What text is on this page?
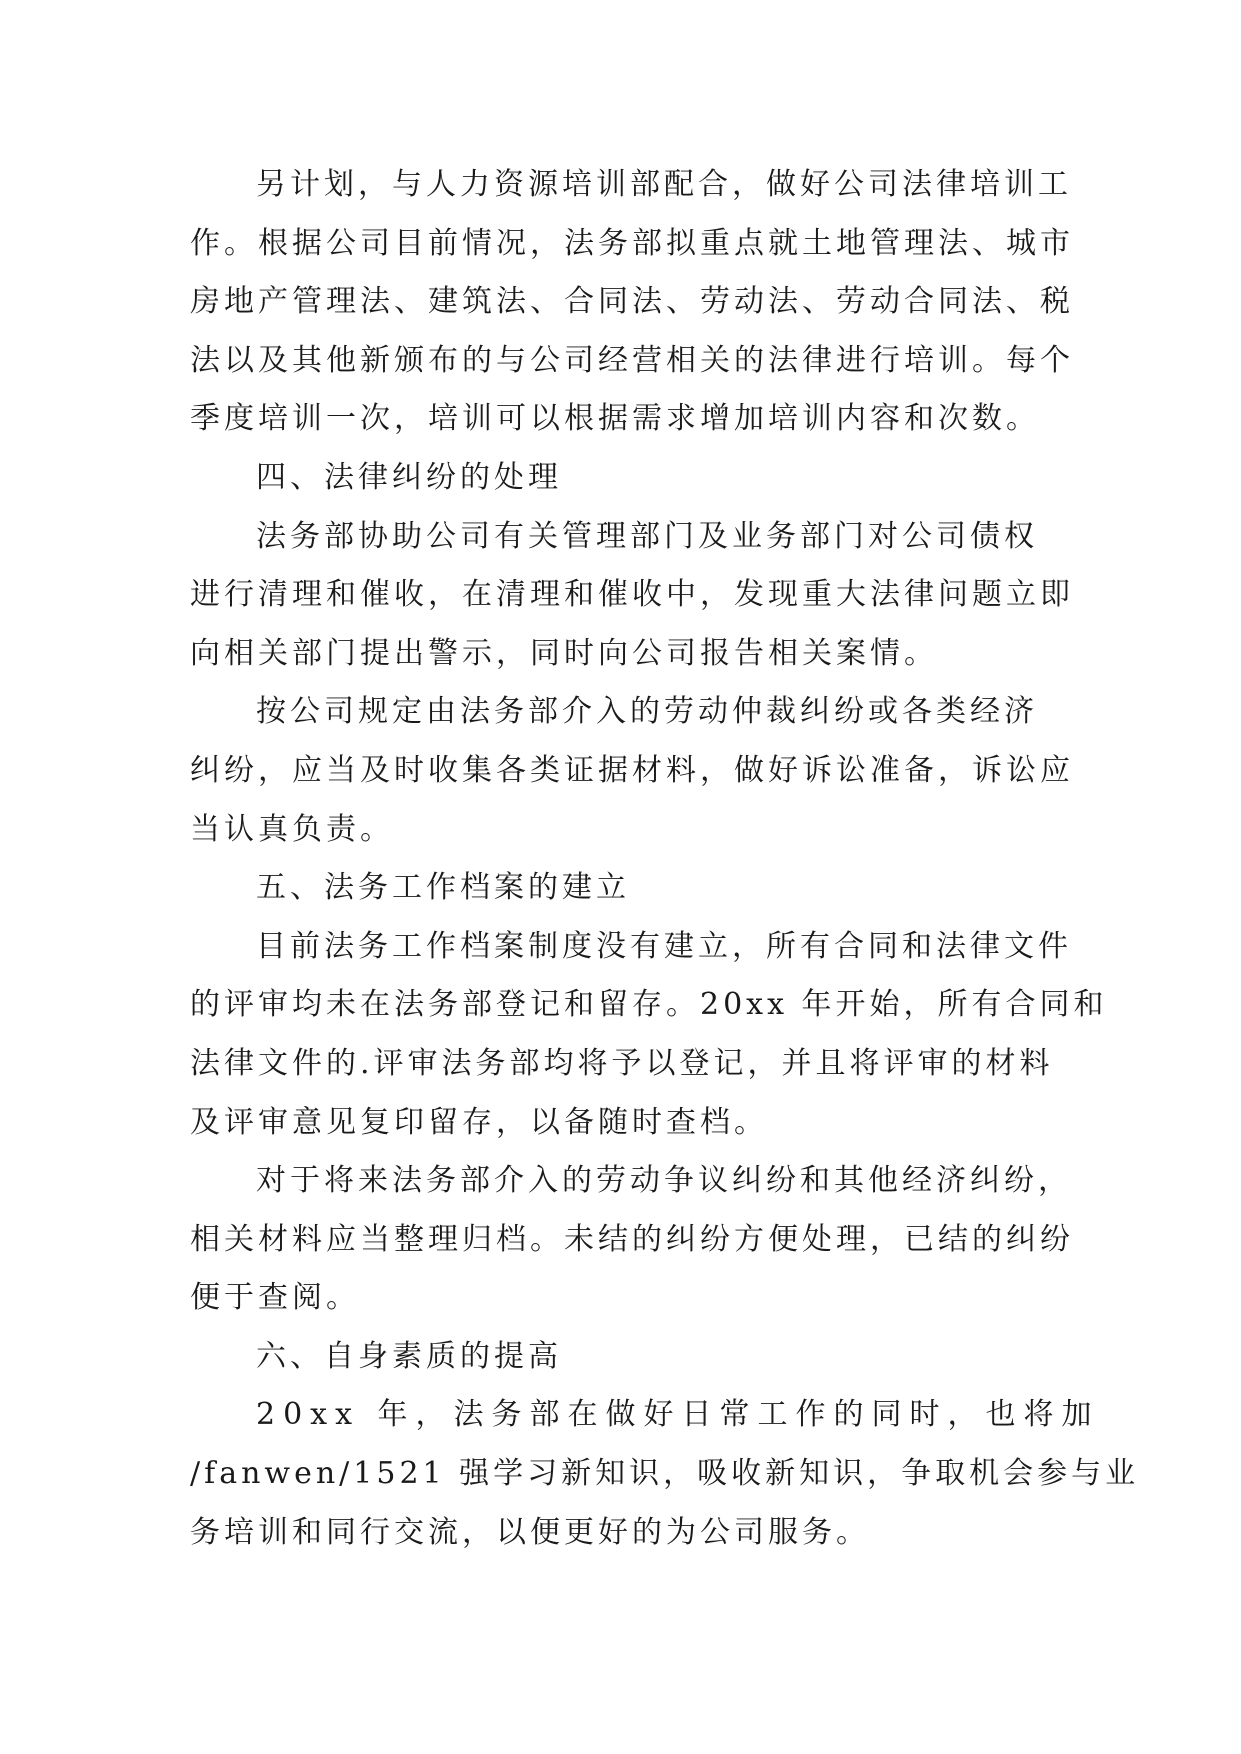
另计划，与人力资源培训部配合，做好公司法律培训工
作。根据公司目前情况，法务部拟重点就土地管理法、城市
房地产管理法、建筑法、合同法、劳动法、劳动合同法、税
法以及其他新颁布的与公司经营相关的法律进行培训。每个
季度培训一次，培训可以根据需求增加培训内容和次数。
四、法律纠纷的处理
法务部协助公司有关管理部门及业务部门对公司债权
进行清理和催收，在清理和催收中，发现重大法律问题立即
向相关部门提出警示，同时向公司报告相关案情。
按公司规定由法务部介入的劳动仲裁纠纷或各类经济
纠纷，应当及时收集各类证据材料，做好诉讼准备，诉讼应
当认真负责。
五、法务工作档案的建立
目前法务工作档案制度没有建立，所有合同和法律文件
的评审均未在法务部登记和留存。20xx 年开始，所有合同和
法律文件的.评审法务部均将予以登记，并且将评审的材料
及评审意见复印留存，以备随时查档。
对于将来法务部介入的劳动争议纠纷和其他经济纠纷，
相关材料应当整理归档。未结的纠纷方便处理，已结的纠纷
便于查阅。
六、自身素质的提高
20xx 年，法务部在做好日常工作的同时，也将加
/fanwen/1521 强学习新知识，吸收新知识，争取机会参与业
务培训和同行交流，以便更好的为公司服务。
